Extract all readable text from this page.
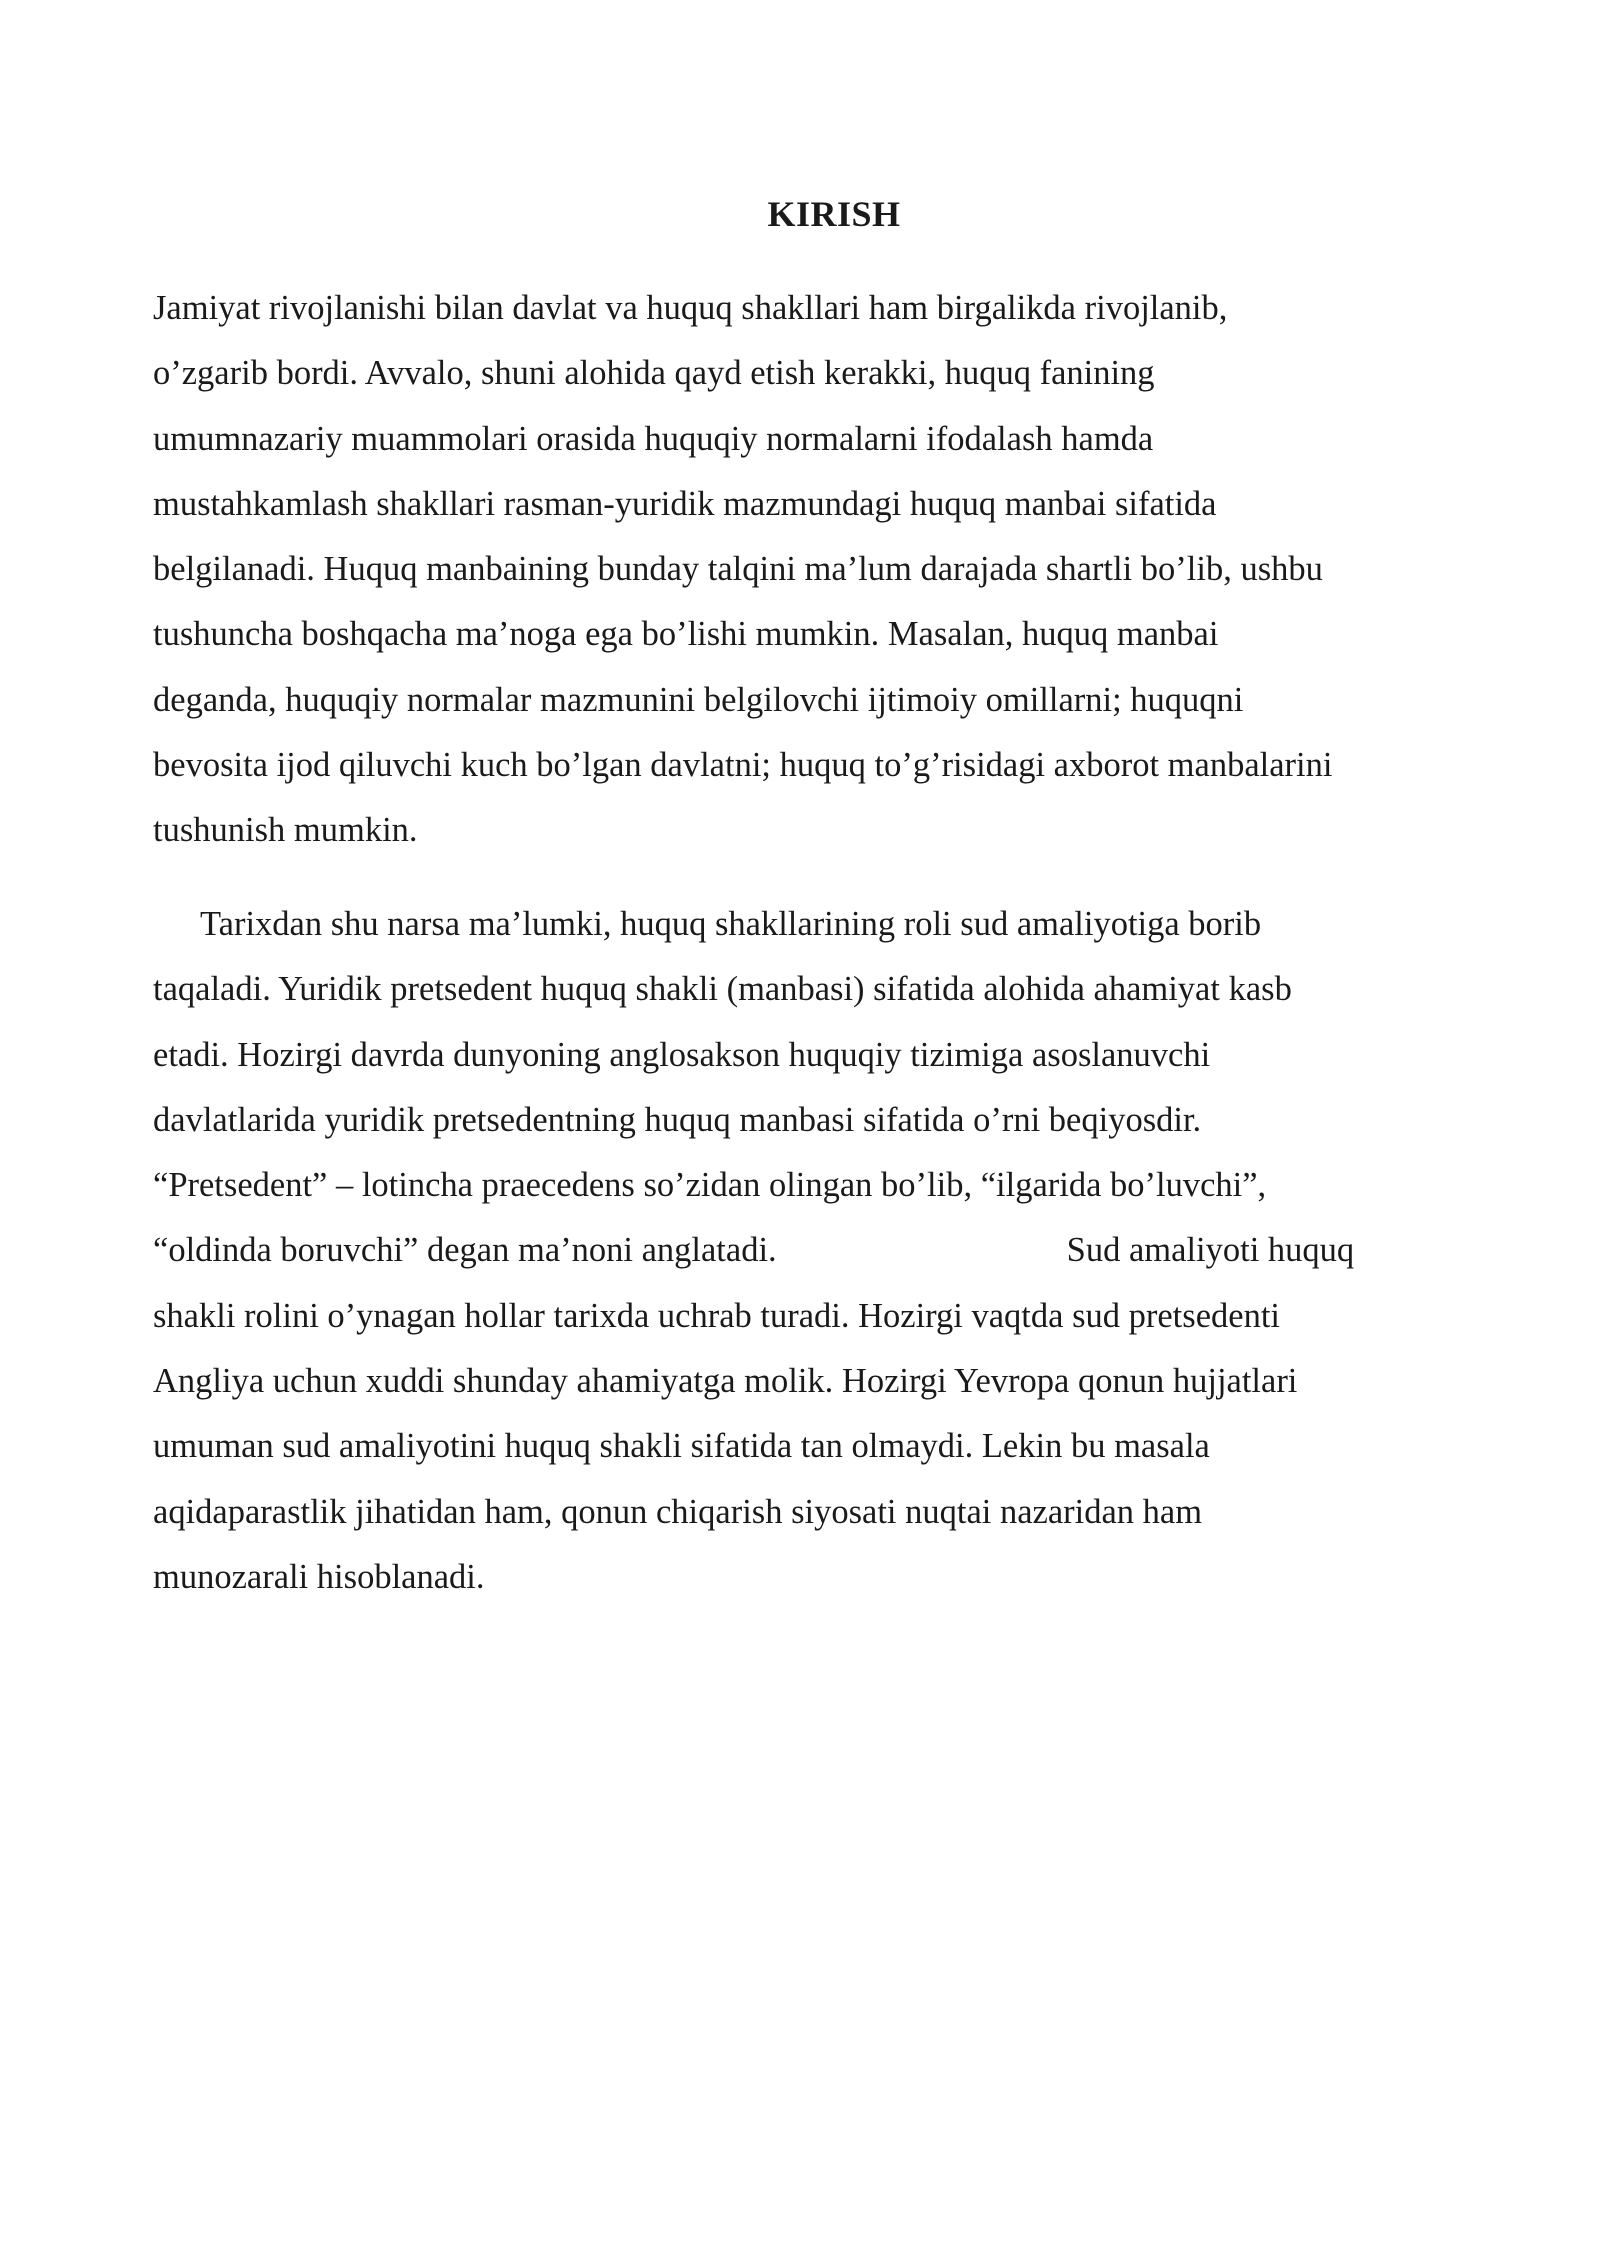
KIRISH
Jamiyat rivojlanishi bilan davlat va huquq shakllari ham birgalikda rivojlanib,
o’zgarib bordi. Avvalo, shuni alohida qayd etish kerakki, huquq fanining
umumnazariy muammolari orasida huquqiy normalarni ifodalash hamda
mustahkamlash shakllari rasman-yuridik mazmundagi huquq manbai sifatida
belgilanadi. Huquq manbaining bunday talqini ma’lum darajada shartli bo’lib, ushbu
tushuncha boshqacha ma’noga ega bo’lishi mumkin. Masalan, huquq manbai
deganda, huquqiy normalar mazmunini belgilovchi ijtimoiy omillarni; huquqni
bevosita ijod qiluvchi kuch bo’lgan davlatni; huquq to’g’risidagi axborot manbalarini
tushunish mumkin.
Tarixdan shu narsa ma’lumki, huquq shakllarining roli sud amaliyotiga borib
taqaladi. Yuridik pretsedent huquq shakli (manbasi) sifatida alohida ahamiyat kasb
etadi. Hozirgi davrda dunyoning anglosakson huquqiy tizimiga asoslanuvchi
davlatlarida yuridik pretsedentning huquq manbasi sifatida o’rni beqiyosdir.
“Pretsedent” – lotincha praecedens so’zidan olingan bo’lib, “ilgarida bo’luvchi”,
“oldinda boruvchi” degan ma’noni anglatadi.	Sud amaliyoti huquq
shakli rolini o’ynagan hollar tarixda uchrab turadi. Hozirgi vaqtda sud pretsedenti
Angliya uchun xuddi shunday ahamiyatga molik. Hozirgi Yevropa qonun hujjatlari
umuman sud amaliyotini huquq shakli sifatida tan olmaydi. Lekin bu masala
aqidaparastlik jihatidan ham, qonun chiqarish siyosati nuqtai nazaridan ham
munozarali hisoblanadi.
